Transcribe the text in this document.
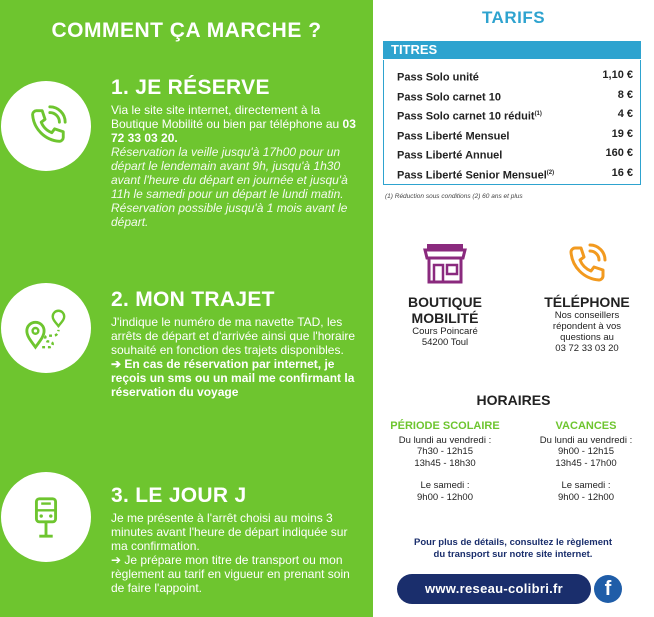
COMMENT ÇA MARCHE ?
1. JE RÉSERVE

Via le site site internet, directement à la Boutique Mobilité ou bien par téléphone au 03 72 33 03 20.

Réservation la veille jusqu'à 17h00 pour un départ le lendemain avant 9h, jusqu'à 1h30 avant l'heure du départ en journée et jusqu'à 11h le samedi pour un départ le lundi matin. Réservation possible jusqu'à 1 mois avant le départ.

2. MON TRAJET

J'indique le numéro de ma navette TAD, les arrêts de départ et d'arrivée ainsi que l'horaire souhaité en fonction des trajets disponibles.

➔ En cas de réservation par internet, je reçois un sms ou un mail me confirmant la réservation du voyage

3. LE JOUR J

Je me présente à l'arrêt choisi au moins 3 minutes avant l'heure de départ indiquée sur ma confirmation.

➔ Je prépare mon titre de transport ou mon règlement au tarif en vigueur en prenant soin de faire l'appoint.

TARIFS
TITRES
Pass Solo unité	1,10 €
Pass Solo carnet 10	8 €
Pass Solo carnet 10 réduit$^{(1)}$	4 €
Pass Liberté Mensuel	19 €
Pass Liberté Annuel	160 €
Pass Liberté Senior Mensuel$^{(2)}$	16 €
(1) Réduction sous conditions (2) 60 ans et plus
BOUTIQUE
MOBILITÉ
Cours Poincaré
54200 Toul
TÉLÉPHONE
Nos conseillers
répondent à vos
questions au
03 72 33 03 20
HORAIRES
PÉRIODE SCOLAIRE
Du lundi au vendredi :
7h30 - 12h15
13h45 - 18h30
Le samedi :
9h00 - 12h00
VACANCES
Du lundi au vendredi :
9h00 - 12h15
13h45 - 17h00
Le samedi :
9h00 - 12h00
Pour plus de détails, consultez le règlement
du transport sur notre site internet.
www.reseau-colibri.fr	f
